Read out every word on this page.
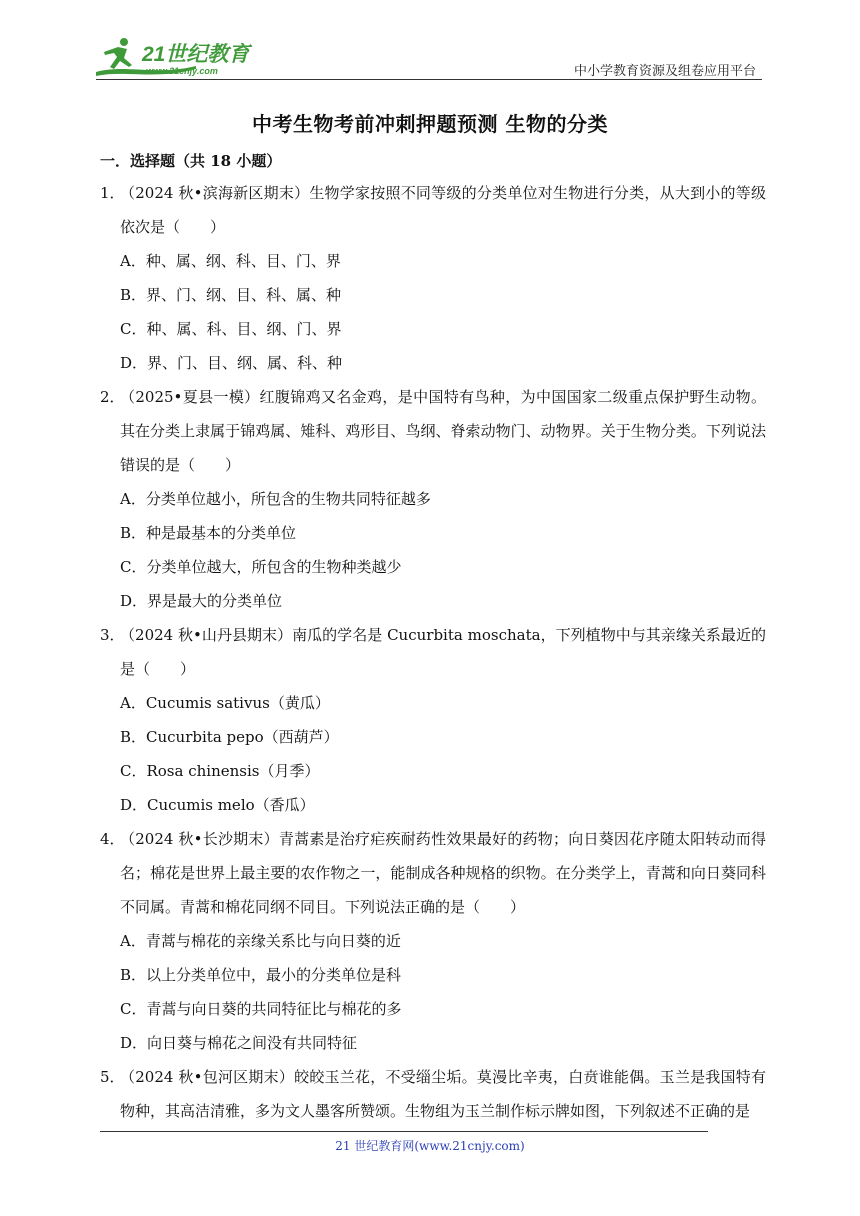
21世纪教育
www.21cnjy.com	中小学教育资源及组卷应用平台
中考生物考前冲刺押题预测 生物的分类
一．选择题（共 18 小题）
1．
（2024 秋•滨海新区期末）生物学家按照不同等级的分类单位对生物进行分类，从大到小的等级依次是（　　）
A．种、属、纲、科、目、门、界
B．界、门、纲、目、科、属、种
C．种、属、科、目、纲、门、界
D．界、门、目、纲、属、科、种
2．
（2025•夏县一模）红腹锦鸡又名金鸡，是中国特有鸟种，为中国国家二级重点保护野生动物。其在分类上隶属于锦鸡属、雉科、鸡形目、鸟纲、脊索动物门、动物界。关于生物分类。下列说法错误的是（　　）
A．分类单位越小，所包含的生物共同特征越多
B．种是最基本的分类单位
C．分类单位越大，所包含的生物种类越少
D．界是最大的分类单位
3．
（2024 秋•山丹县期末）南瓜的学名是 Cucurbita moschata，下列植物中与其亲缘关系最近的是（　　）
A．Cucumis sativus（黄瓜）
B．Cucurbita pepo（西葫芦）
C．Rosa chinensis（月季）
D．Cucumis melo（香瓜）
4．
（2024 秋•长沙期末）青蒿素是治疗疟疾耐药性效果最好的药物；向日葵因花序随太阳转动而得名；棉花是世界上最主要的农作物之一，能制成各种规格的织物。在分类学上，青蒿和向日葵同科不同属。青蒿和棉花同纲不同目。下列说法正确的是（　　）
A．青蒿与棉花的亲缘关系比与向日葵的近
B．以上分类单位中，最小的分类单位是科
C．青蒿与向日葵的共同特征比与棉花的多
D．向日葵与棉花之间没有共同特征
5．
（2024 秋•包河区期末）皎皎玉兰花，不受缁尘垢。莫漫比辛夷，白贲谁能偶。玉兰是我国特有物种，其高洁清雅，多为文人墨客所赞颂。生物组为玉兰制作标示牌如图，下列叙述不正确的是
21 世纪教育网(www.21cnjy.com)
